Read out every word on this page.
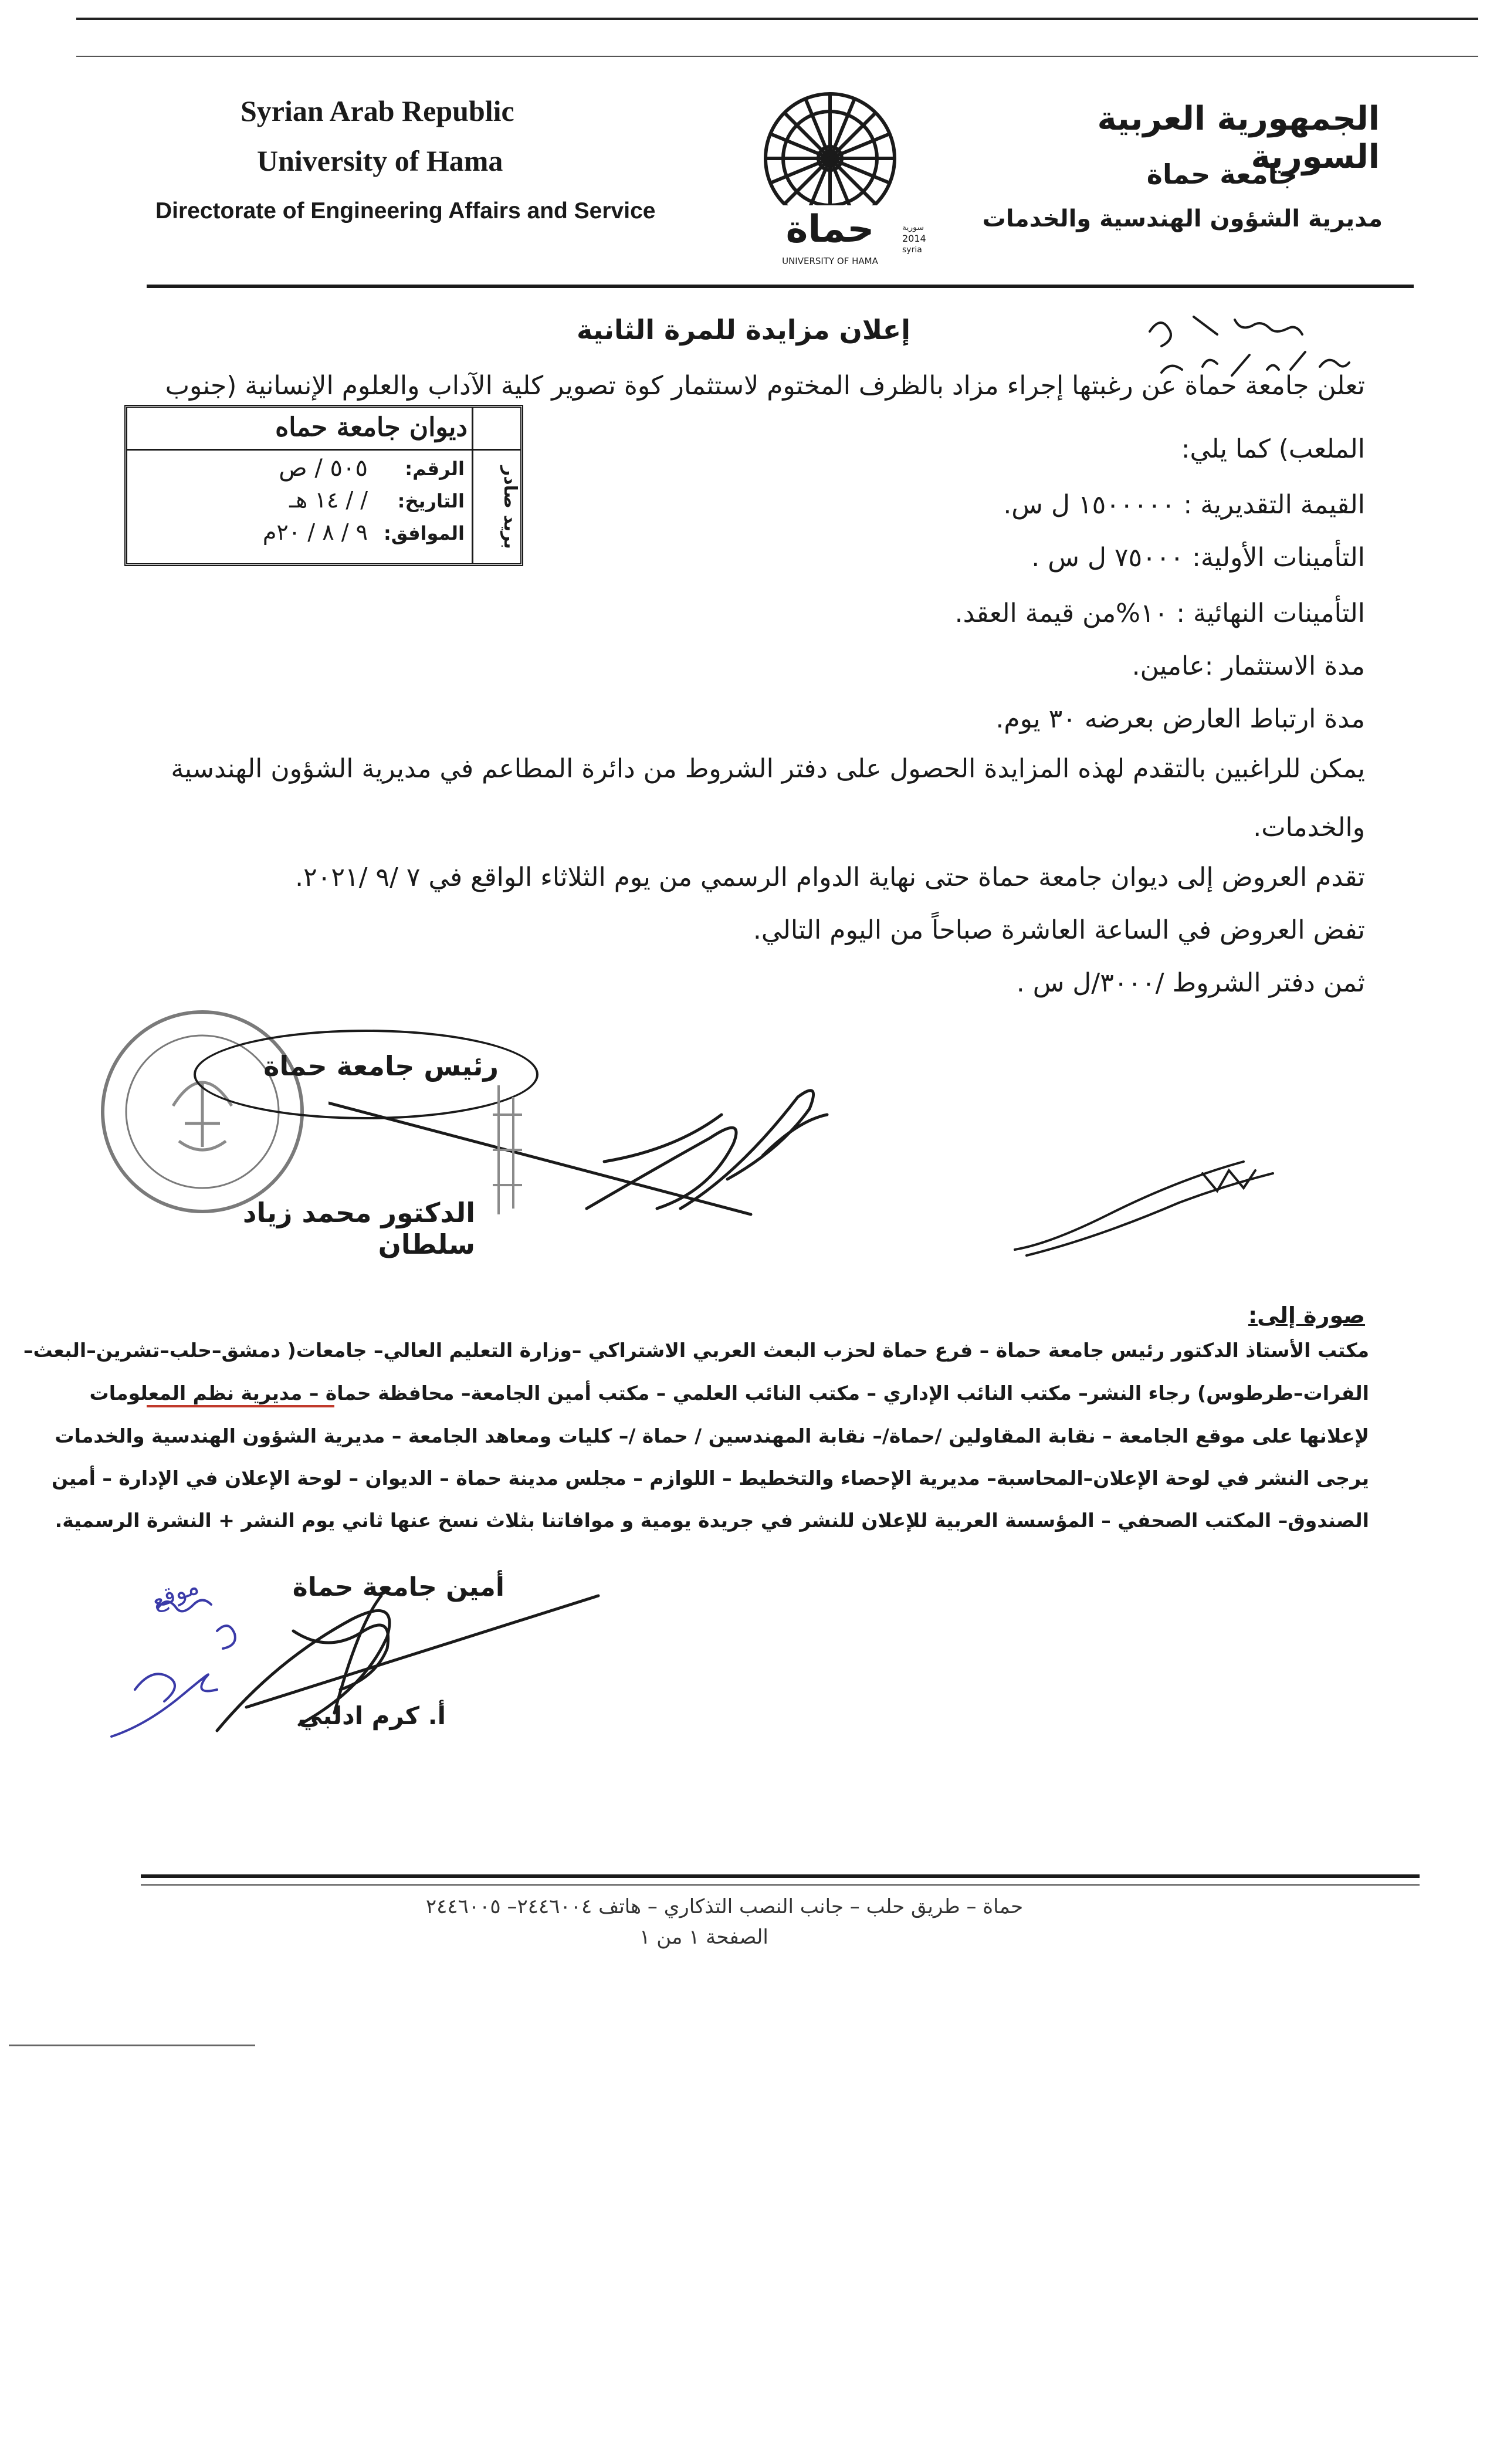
Syrian Arab Republic
University of Hama
Directorate of Engineering Affairs and Service
الجمهورية العربية السورية
جامعة حماة
مديرية الشؤون الهندسية والخدمات
حماة	سورية
2014
syria
UNIVERSITY OF HAMA
إعلان مزايدة للمرة الثانية
ديوان جامعة حماه
بريد صادر
الرقم:
٥٠٥ / ص
التاريخ:
/ / ١٤ هـ
الموافق:
٩ / ٨ / ٢٠م
تعلن جامعة حماة عن رغبتها إجراء مزاد بالظرف المختوم لاستثمار كوة تصوير كلية الآداب والعلوم الإنسانية (جنوب
الملعب) كما يلي:
القيمة التقديرية : ١٥٠٠٠٠٠ ل س.
التأمينات الأولية: ٧٥٠٠٠ ل س .
التأمينات النهائية : ١٠%من قيمة العقد.
مدة الاستثمار :عامين.
مدة ارتباط العارض بعرضه ٣٠ يوم.
يمكن للراغبين بالتقدم لهذه المزايدة الحصول على دفتر الشروط من دائرة المطاعم في مديرية الشؤون الهندسية
والخدمات.
تقدم العروض إلى ديوان جامعة حماة حتى نهاية الدوام الرسمي من يوم الثلاثاء الواقع في ٧ /٩ /٢٠٢١.
تفض العروض في الساعة العاشرة صباحاً من اليوم التالي.
ثمن دفتر الشروط /٣٠٠٠/ل س .
رئيس جامعة حماة
الدكتور محمد زياد سلطان
صورة إلى:
مكتب الأستاذ الدكتور رئيس جامعة حماة – فرع حماة لحزب البعث العربي الاشتراكي –وزارة التعليم العالي– جامعات( دمشق–حلب–تشرين–البعث–
الفرات–طرطوس) رجاء النشر– مكتب النائب الإداري – مكتب النائب العلمي – مكتب أمين الجامعة– محافظة حماة – مديرية نظم المعلومات
لإعلانها على موقع الجامعة – نقابة المقاولين /حماة/– نقابة المهندسين / حماة /– كليات ومعاهد الجامعة – مديرية الشؤون الهندسية والخدمات
يرجى النشر في لوحة الإعلان–المحاسبة– مديرية الإحصاء والتخطيط – اللوازم – مجلس مدينة حماة – الديوان – لوحة الإعلان في الإدارة – أمين
الصندوق– المكتب الصحفي – المؤسسة العربية للإعلان للنشر في جريدة يومية و موافاتنا بثلاث نسخ عنها ثاني يوم النشر + النشرة الرسمية.
أمين جامعة حماة
أ. كرم ادلبي
موقع
حماة – طريق حلب – جانب النصب التذكاري – هاتف ٢٤٤٦٠٠٤– ٢٤٤٦٠٠٥
الصفحة ١ من ١
